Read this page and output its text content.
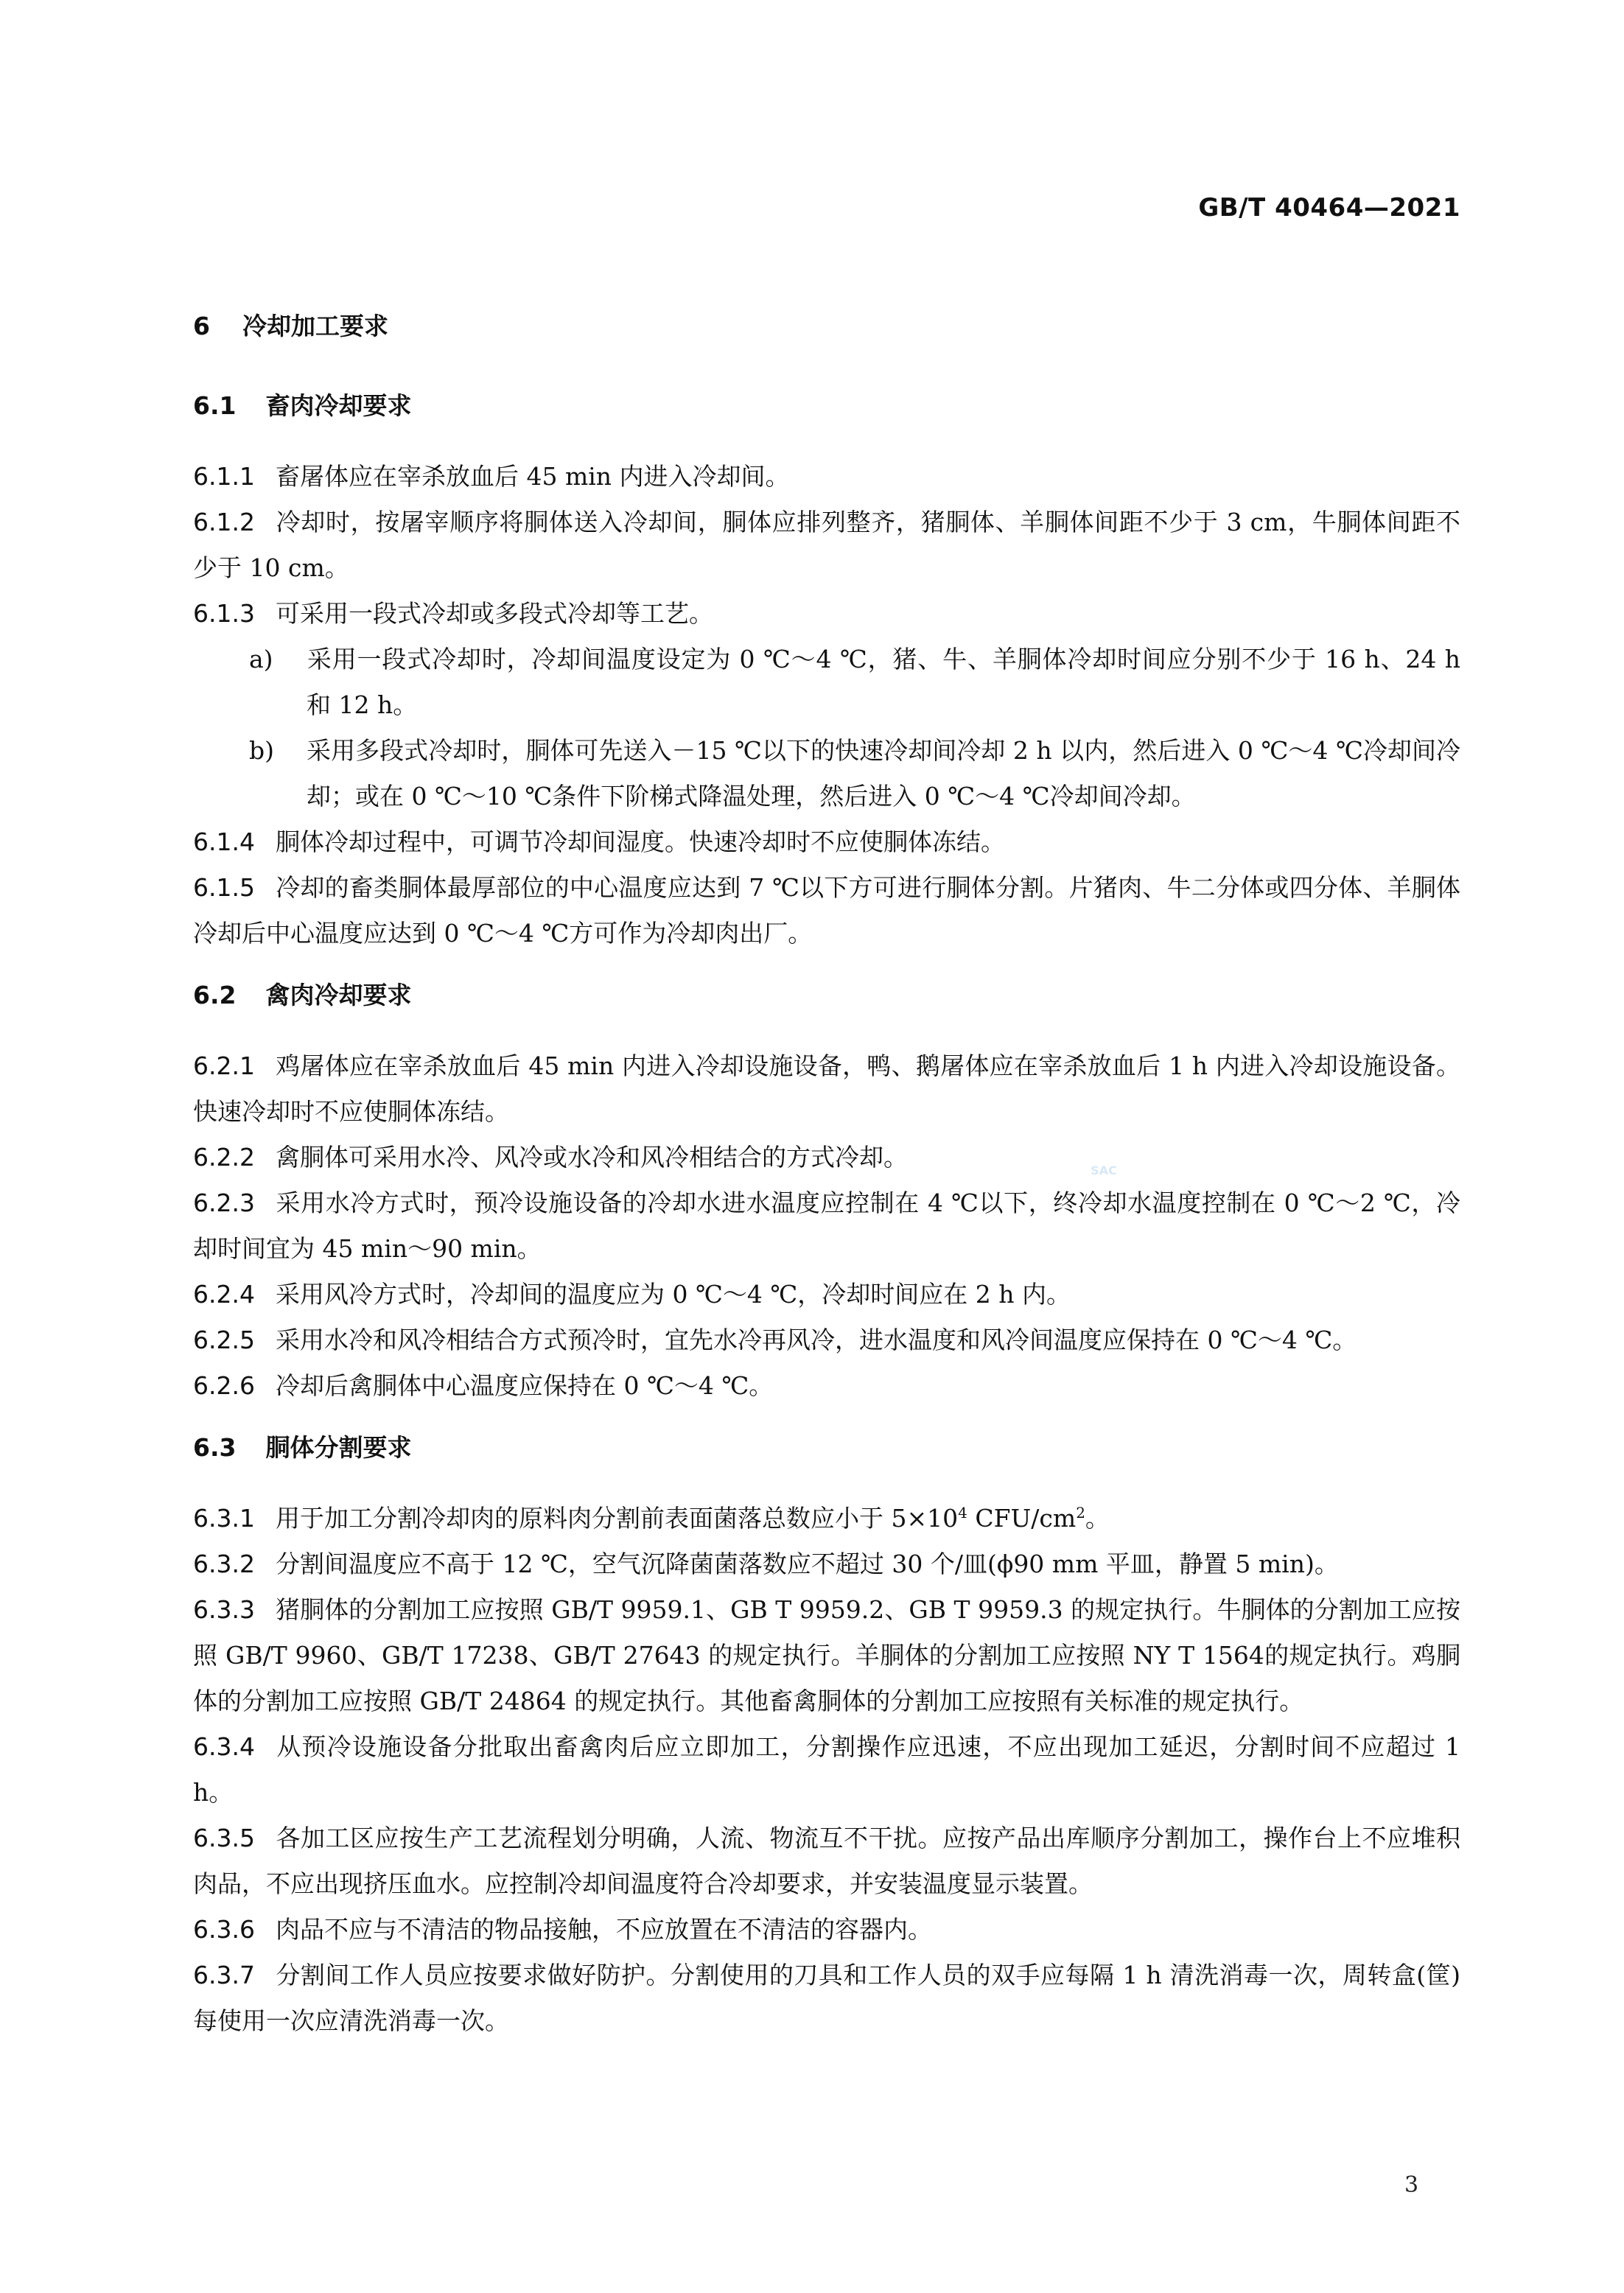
GB/T 40464—2021

6 冷却加工要求

6.1 畜肉冷却要求

6.1.1 畜屠体应在宰杀放血后 45 min 内进入冷却间。

6.1.2 冷却时，按屠宰顺序将胴体送入冷却间，胴体应排列整齐，猪胴体、羊胴体间距不少于 3 cm，牛胴体间距不少于 10 cm。

6.1.3 可采用一段式冷却或多段式冷却等工艺。

a) 采用一段式冷却时，冷却间温度设定为 0 ℃～4 ℃，猪、牛、羊胴体冷却时间应分别不少于 16 h、24 h 和 12 h。

b) 采用多段式冷却时，胴体可先送入－15 ℃以下的快速冷却间冷却 2 h 以内，然后进入 0 ℃～4 ℃冷却间冷却；或在 0 ℃～10 ℃条件下阶梯式降温处理，然后进入 0 ℃～4 ℃冷却间冷却。

6.1.4 胴体冷却过程中，可调节冷却间湿度。快速冷却时不应使胴体冻结。

6.1.5 冷却的畜类胴体最厚部位的中心温度应达到 7 ℃以下方可进行胴体分割。片猪肉、牛二分体或四分体、羊胴体冷却后中心温度应达到 0 ℃～4 ℃方可作为冷却肉出厂。

6.2 禽肉冷却要求

6.2.1 鸡屠体应在宰杀放血后 45 min 内进入冷却设施设备，鸭、鹅屠体应在宰杀放血后 1 h 内进入冷却设施设备。快速冷却时不应使胴体冻结。

6.2.2 禽胴体可采用水冷、风冷或水冷和风冷相结合的方式冷却。

6.2.3 采用水冷方式时，预冷设施设备的冷却水进水温度应控制在 4 ℃以下，终冷却水温度控制在 0 ℃～2 ℃，冷却时间宜为 45 min～90 min。

6.2.4 采用风冷方式时，冷却间的温度应为 0 ℃～4 ℃，冷却时间应在 2 h 内。

6.2.5 采用水冷和风冷相结合方式预冷时，宜先水冷再风冷，进水温度和风冷间温度应保持在 0 ℃～4 ℃。

6.2.6 冷却后禽胴体中心温度应保持在 0 ℃～4 ℃。

6.3 胴体分割要求

6.3.1 用于加工分割冷却肉的原料肉分割前表面菌落总数应小于 $5\times 10^4$ CFU/$cm^2$。

6.3.2 分割间温度应不高于 12 ℃，空气沉降菌菌落数应不超过 30 个/皿(ϕ90 mm 平皿，静置 5 min)。

6.3.3 猪胴体的分割加工应按照 GB/T 9959.1、GB T 9959.2、GB T 9959.3 的规定执行。牛胴体的分割加工应按照 GB/T 9960、GB/T 17238、GB/T 27643 的规定执行。羊胴体的分割加工应按照 NY T 1564的规定执行。鸡胴体的分割加工应按照 GB/T 24864 的规定执行。其他畜禽胴体的分割加工应按照有关标准的规定执行。

6.3.4 从预冷设施设备分批取出畜禽肉后应立即加工，分割操作应迅速，不应出现加工延迟，分割时间不应超过 1 h。

6.3.5 各加工区应按生产工艺流程划分明确，人流、物流互不干扰。应按产品出库顺序分割加工，操作台上不应堆积肉品，不应出现挤压血水。应控制冷却间温度符合冷却要求，并安装温度显示装置。

6.3.6 肉品不应与不清洁的物品接触，不应放置在不清洁的容器内。

6.3.7 分割间工作人员应按要求做好防护。分割使用的刀具和工作人员的双手应每隔 1 h 清洗消毒一次，周转盒(筐)每使用一次应清洗消毒一次。

SAC
3
